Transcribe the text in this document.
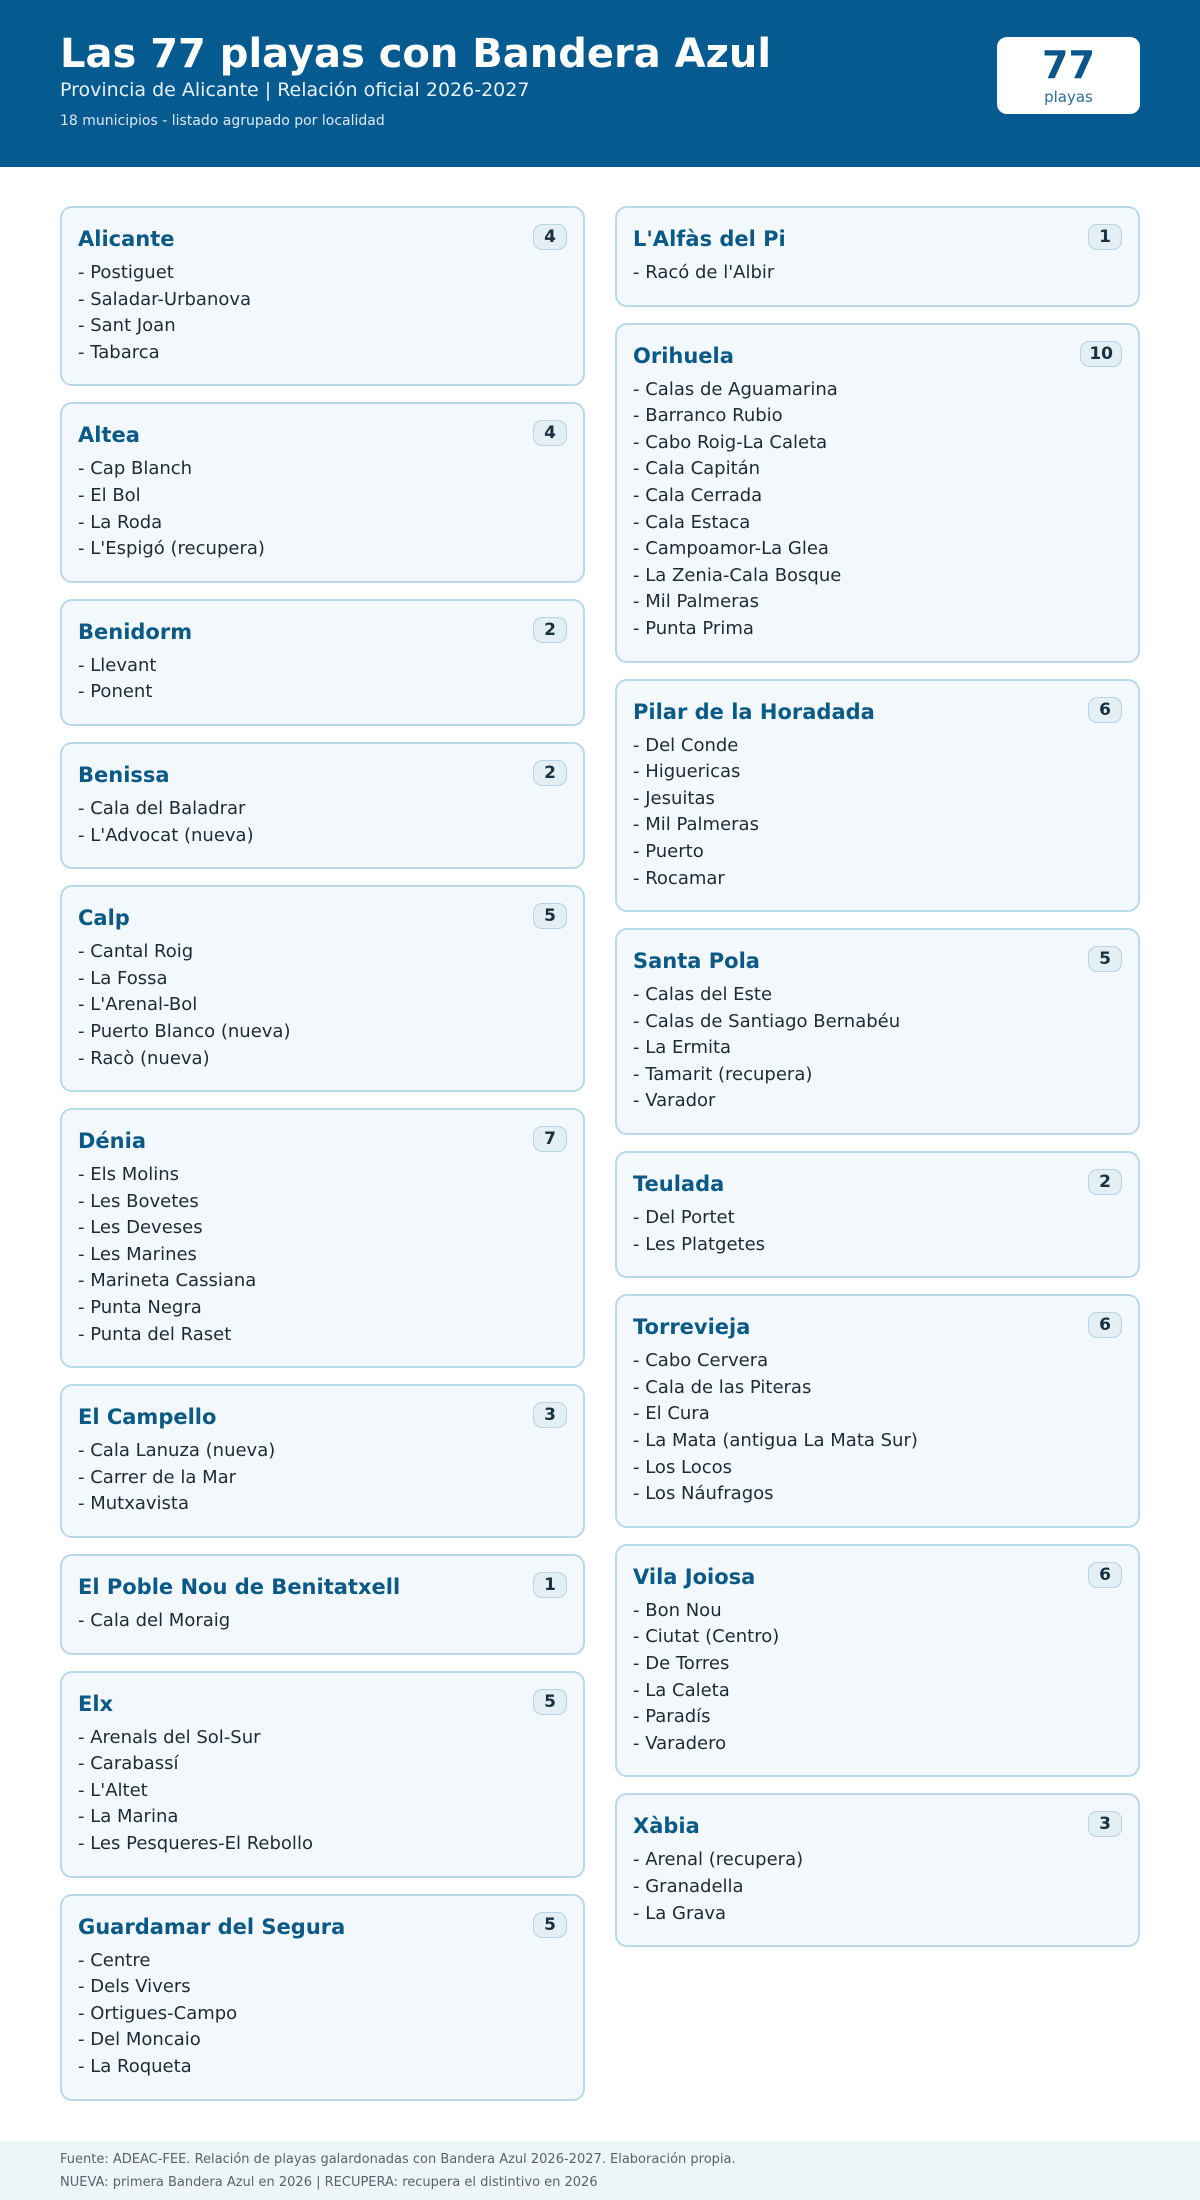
Las 77 playas con Bandera Azul
Provincia de Alicante | Relación oficial 2026-2027
18 municipios - listado agrupado por localidad
77
playas
Alicante	4
- Postiguet
- Saladar-Urbanova
- Sant Joan
- Tabarca
Altea	4
- Cap Blanch
- El Bol
- La Roda
- L'Espigó (recupera)
Benidorm	2
- Llevant
- Ponent
Benissa	2
- Cala del Baladrar
- L'Advocat (nueva)
Calp	5
- Cantal Roig
- La Fossa
- L'Arenal-Bol
- Puerto Blanco (nueva)
- Racò (nueva)
Dénia	7
- Els Molins
- Les Bovetes
- Les Deveses
- Les Marines
- Marineta Cassiana
- Punta Negra
- Punta del Raset
El Campello	3
- Cala Lanuza (nueva)
- Carrer de la Mar
- Mutxavista
El Poble Nou de Benitatxell	1
- Cala del Moraig
Elx	5
- Arenals del Sol-Sur
- Carabassí
- L'Altet
- La Marina
- Les Pesqueres-El Rebollo
Guardamar del Segura	5
- Centre
- Dels Vivers
- Ortigues-Campo
- Del Moncaio
- La Roqueta
L'Alfàs del Pi	1
- Racó de l'Albir
Orihuela	10
- Calas de Aguamarina
- Barranco Rubio
- Cabo Roig-La Caleta
- Cala Capitán
- Cala Cerrada
- Cala Estaca
- Campoamor-La Glea
- La Zenia-Cala Bosque
- Mil Palmeras
- Punta Prima
Pilar de la Horadada	6
- Del Conde
- Higuericas
- Jesuitas
- Mil Palmeras
- Puerto
- Rocamar
Santa Pola	5
- Calas del Este
- Calas de Santiago Bernabéu
- La Ermita
- Tamarit (recupera)
- Varador
Teulada	2
- Del Portet
- Les Platgetes
Torrevieja	6
- Cabo Cervera
- Cala de las Piteras
- El Cura
- La Mata (antigua La Mata Sur)
- Los Locos
- Los Náufragos
Vila Joiosa	6
- Bon Nou
- Ciutat (Centro)
- De Torres
- La Caleta
- Paradís
- Varadero
Xàbia	3
- Arenal (recupera)
- Granadella
- La Grava
Fuente: ADEAC-FEE. Relación de playas galardonadas con Bandera Azul 2026-2027. Elaboración propia.
NUEVA: primera Bandera Azul en 2026 | RECUPERA: recupera el distintivo en 2026
